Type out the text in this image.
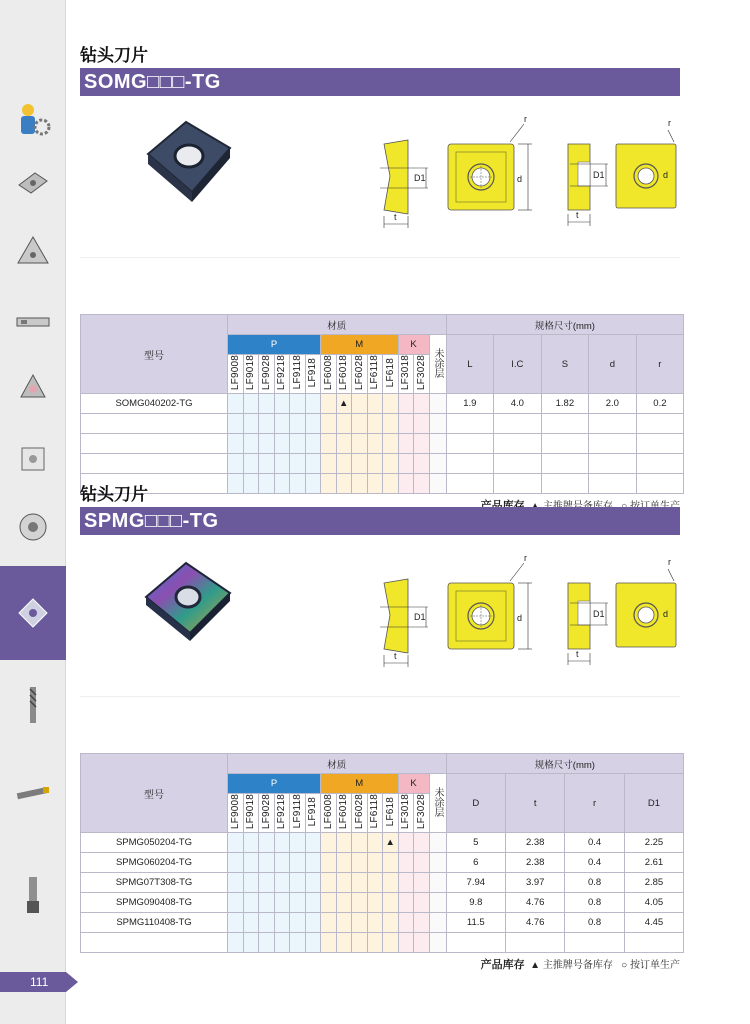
111
钻头刀片
SOMG□□□-TG
D1
t
d
r
D1
t
r
d
型号	材质														规格尺寸(mm)				
	P						M					K		未涂层	L	I.C	S	d	r
	LF9008	LF9018	LF9028	LF9218	LF9118	LF918	LF6008	LF6018	LF6028	LF6118	LF618	LF3018	LF3028						
SOMG040202-TG								▲							1.9	4.0	1.82	2.0	0.2

钻头刀片
SPMG□□□-TG
D1
t
d
r
D1
t
r
d
型号	材质														规格尺寸(mm)			
	P						M					K		未涂层	D	t	r	D1
	LF9008	LF9018	LF9028	LF9218	LF9118	LF918	LF6008	LF6018	LF6028	LF6118	LF618	LF3018	LF3028					
SPMG050204-TG											▲				5	2.38	0.4	2.25
SPMG060204-TG															6	2.38	0.4	2.61
SPMG07T308-TG															7.94	3.97	0.8	2.85
SPMG090408-TG															9.8	4.76	0.8	4.05
SPMG110408-TG															11.5	4.76	0.8	4.45

产品库存 ▲ 主推牌号备库存 ○ 按订单生产
